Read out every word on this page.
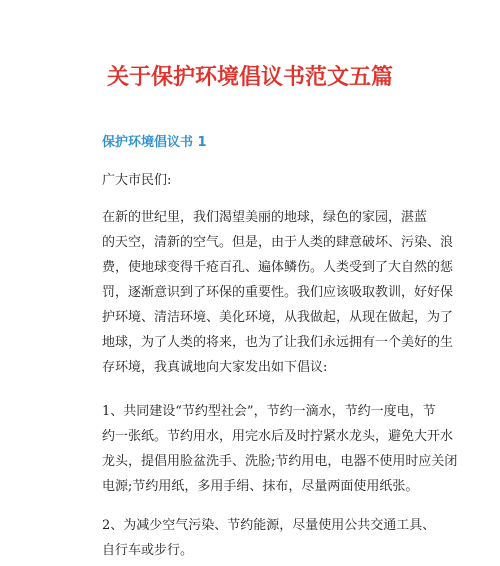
关于保护环境倡议书范文五篇
保护环境倡议书 1
广大市民们:
在新的世纪里，我们渴望美丽的地球，绿色的家园，湛蓝
的天空，清新的空气。但是，由于人类的肆意破坏、污染、浪
费，使地球变得千疮百孔、遍体鳞伤。人类受到了大自然的惩
罚，逐渐意识到了环保的重要性。我们应该吸取教训，好好保
护环境、清洁环境、美化环境，从我做起，从现在做起，为了
地球，为了人类的将来，也为了让我们永远拥有一个美好的生
存环境，我真诚地向大家发出如下倡议:
1、共同建设“节约型社会”，节约一滴水，节约一度电，节
约一张纸。节约用水，用完水后及时拧紧水龙头，避免大开水
龙头，提倡用脸盆洗手、洗脸;节约用电，电器不使用时应关闭
电源;节约用纸，多用手绢、抹布，尽量两面使用纸张。
2、为减少空气污染、节约能源，尽量使用公共交通工具、
自行车或步行。
